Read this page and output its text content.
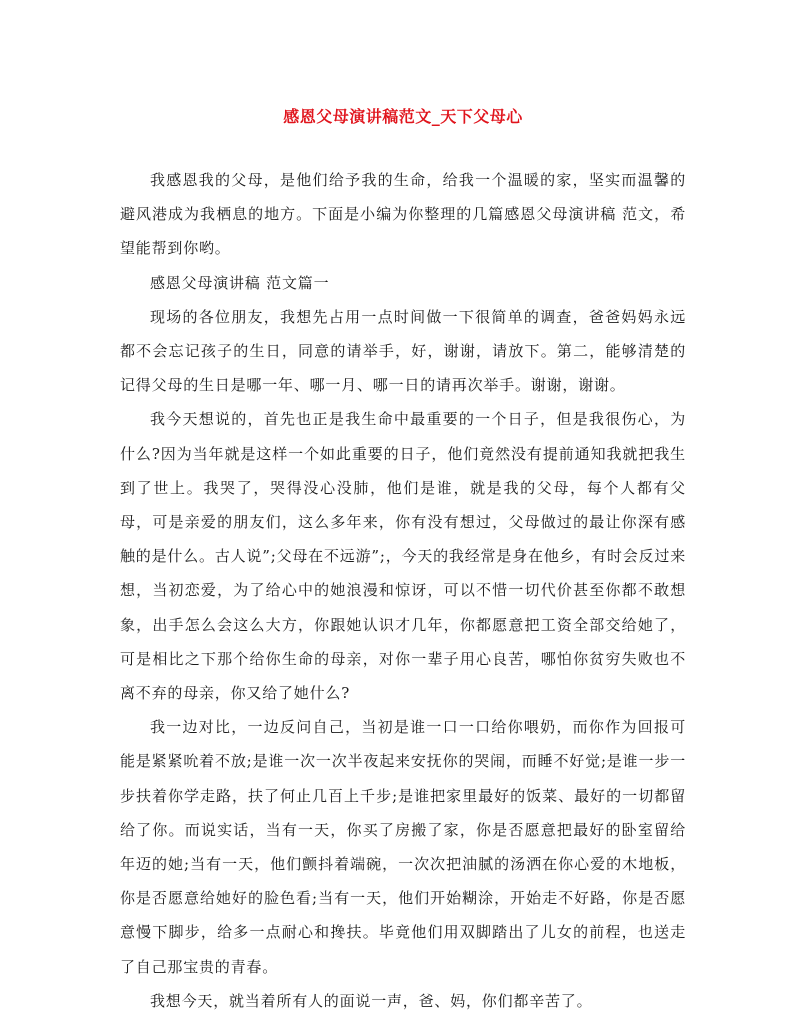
感恩父母演讲稿范文_天下父母心

我感恩我的父母，是他们给予我的生命，给我一个温暖的家，坚实而温馨的避风港成为我栖息的地方。下面是小编为你整理的几篇感恩父母演讲稿 范文，希望能帮到你哟。

感恩父母演讲稿 范文篇一

现场的各位朋友，我想先占用一点时间做一下很简单的调查，爸爸妈妈永远都不会忘记孩子的生日，同意的请举手，好，谢谢，请放下。第二，能够清楚的记得父母的生日是哪一年、哪一月、哪一日的请再次举手。谢谢，谢谢。

我今天想说的，首先也正是我生命中最重要的一个日子，但是我很伤心，为什么?因为当年就是这样一个如此重要的日子，他们竟然没有提前通知我就把我生到了世上。我哭了，哭得没心没肺，他们是谁，就是我的父母，每个人都有父母，可是亲爱的朋友们，这么多年来，你有没有想过，父母做过的最让你深有感触的是什么。古人说”;父母在不远游”;，今天的我经常是身在他乡，有时会反过来想，当初恋爱，为了给心中的她浪漫和惊讶，可以不惜一切代价甚至你都不敢想象，出手怎么会这么大方，你跟她认识才几年，你都愿意把工资全部交给她了，可是相比之下那个给你生命的母亲，对你一辈子用心良苦，哪怕你贫穷失败也不离不弃的母亲，你又给了她什么?

我一边对比，一边反问自己，当初是谁一口一口给你喂奶，而你作为回报可能是紧紧吮着不放;是谁一次一次半夜起来安抚你的哭闹，而睡不好觉;是谁一步一步扶着你学走路，扶了何止几百上千步;是谁把家里最好的饭菜、最好的一切都留给了你。而说实话，当有一天，你买了房搬了家，你是否愿意把最好的卧室留给年迈的她;当有一天，他们颤抖着端碗，一次次把油腻的汤洒在你心爱的木地板，你是否愿意给她好的脸色看;当有一天，他们开始糊涂，开始走不好路，你是否愿意慢下脚步，给多一点耐心和搀扶。毕竟他们用双脚踏出了儿女的前程，也送走了自己那宝贵的青春。

我想今天，就当着所有人的面说一声，爸、妈，你们都辛苦了。
